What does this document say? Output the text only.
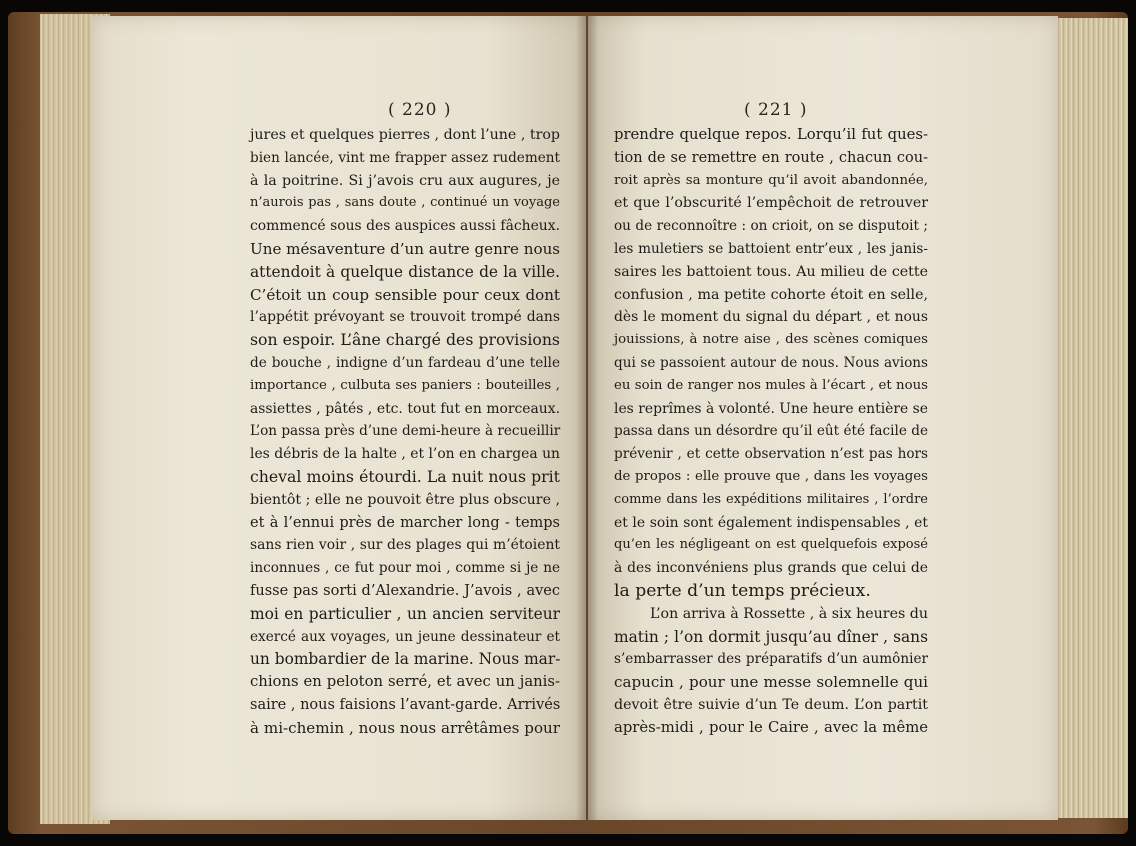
( 220 )	( 221 )
jures et quelques pierres , dont l’une , trop
bien lancée, vint me frapper assez rudement
à la poitrine. Si j’avois cru aux augures, je
n’aurois pas , sans doute , continué un voyage
commencé sous des auspices aussi fâcheux.
Une mésaventure d’un autre genre nous
attendoit à quelque distance de la ville.
C’étoit un coup sensible pour ceux dont
l’appétit prévoyant se trouvoit trompé dans
son espoir. L’âne chargé des provisions
de bouche , indigne d’un fardeau d’une telle
importance , culbuta ses paniers : bouteilles ,
assiettes , pâtés , etc. tout fut en morceaux.
L’on passa près d’une demi-heure à recueillir
les débris de la halte , et l’on en chargea un
cheval moins étourdi. La nuit nous prit
bientôt ; elle ne pouvoit être plus obscure ,
et à l’ennui près de marcher long - temps
sans rien voir , sur des plages qui m’étoient
inconnues , ce fut pour moi , comme si je ne
fusse pas sorti d’Alexandrie. J’avois , avec
moi en particulier , un ancien serviteur
exercé aux voyages, un jeune dessinateur et
un bombardier de la marine. Nous mar-
chions en peloton serré, et avec un janis-
saire , nous faisions l’avant-garde. Arrivés
à mi-chemin , nous nous arrêtâmes pour
prendre quelque repos. Lorqu’il fut ques-
tion de se remettre en route , chacun cou-
roit après sa monture qu’il avoit abandonnée,
et que l’obscurité l’empêchoit de retrouver
ou de reconnoître : on crioit, on se disputoit ;
les muletiers se battoient entr’eux , les janis-
saires les battoient tous. Au milieu de cette
confusion , ma petite cohorte étoit en selle,
dès le moment du signal du départ , et nous
jouissions, à notre aise , des scènes comiques
qui se passoient autour de nous. Nous avions
eu soin de ranger nos mules à l’écart , et nous
les reprîmes à volonté. Une heure entière se
passa dans un désordre qu’il eût été facile de
prévenir , et cette observation n’est pas hors
de propos : elle prouve que , dans les voyages
comme dans les expéditions militaires , l’ordre
et le soin sont également indispensables , et
qu’en les négligeant on est quelquefois exposé
à des inconvéniens plus grands que celui de
la perte d’un temps précieux.
L’on arriva à Rossette , à six heures du
matin ; l’on dormit jusqu’au dîner , sans
s’embarrasser des préparatifs d’un aumônier
capucin , pour une messe solemnelle qui
devoit être suivie d’un Te deum. L’on partit
après-midi , pour le Caire , avec la même
